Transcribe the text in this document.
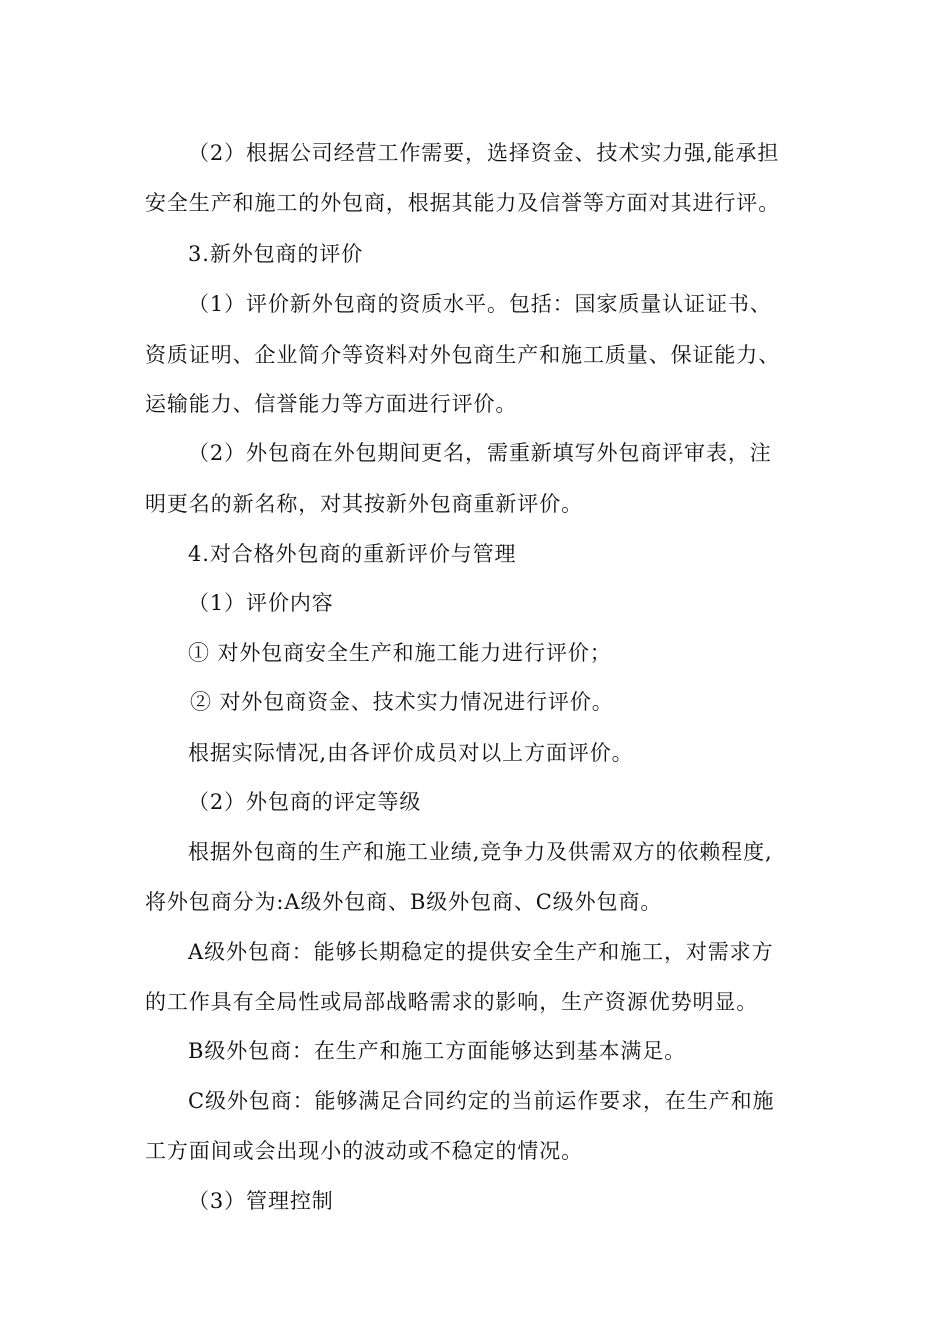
（2）根据公司经营工作需要，选择资金、技术实力强,能承担
安全生产和施工的外包商，根据其能力及信誉等方面对其进行评。
3.新外包商的评价
（1）评价新外包商的资质水平。包括：国家质量认证证书、
资质证明、企业简介等资料对外包商生产和施工质量、保证能力、
运输能力、信誉能力等方面进行评价。
（2）外包商在外包期间更名，需重新填写外包商评审表，注
明更名的新名称，对其按新外包商重新评价。
4.对合格外包商的重新评价与管理
（1）评价内容
① 对外包商安全生产和施工能力进行评价；
② 对外包商资金、技术实力情况进行评价。
根据实际情况,由各评价成员对以上方面评价。
（2）外包商的评定等级
根据外包商的生产和施工业绩,竞争力及供需双方的依赖程度,
将外包商分为:A级外包商、B级外包商、C级外包商。
A级外包商：能够长期稳定的提供安全生产和施工，对需求方
的工作具有全局性或局部战略需求的影响，生产资源优势明显。
B级外包商：在生产和施工方面能够达到基本满足。
C级外包商：能够满足合同约定的当前运作要求，在生产和施
工方面间或会出现小的波动或不稳定的情况。
（3）管理控制
